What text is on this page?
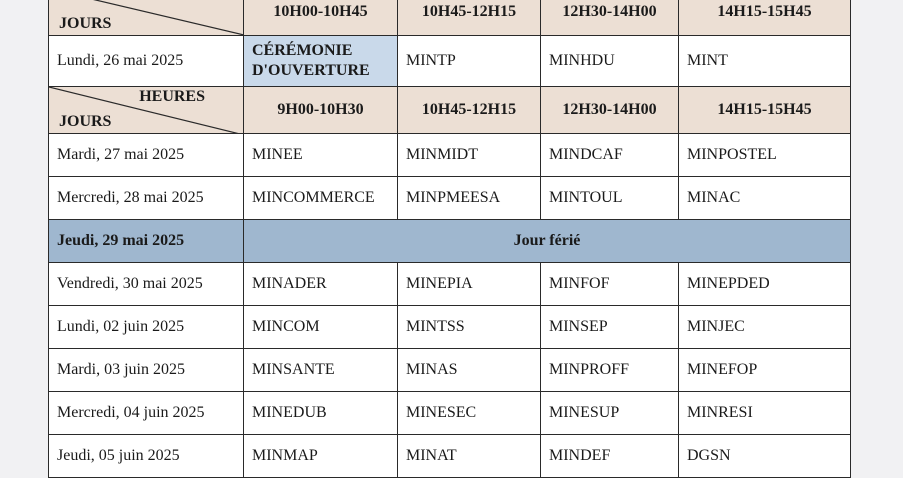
JOURS	10H00-10H45	10H45-12H15	12H30-14H00	14H15-15H45
Lundi, 26 mai 2025	CÉRÉMONIE D'OUVERTURE	MINTP	MINHDU	MINT

HEURES
JOURS	9H00-10H30	10H45-12H15	12H30-14H00	14H15-15H45
Mardi, 27 mai 2025	MINEE	MINMIDT	MINDCAF	MINPOSTEL
Mercredi, 28 mai 2025	MINCOMMERCE	MINPMEESA	MINTOUL	MINAC
Jeudi, 29 mai 2025	Jour férié			
Vendredi, 30 mai 2025	MINADER	MINEPIA	MINFOF	MINEPDED
Lundi, 02 juin 2025	MINCOM	MINTSS	MINSEP	MINJEC
Mardi, 03 juin 2025	MINSANTE	MINAS	MINPROFF	MINEFOP
Mercredi, 04 juin 2025	MINEDUB	MINESEC	MINESUP	MINRESI
Jeudi, 05 juin 2025	MINMAP	MINAT	MINDEF	DGSN
